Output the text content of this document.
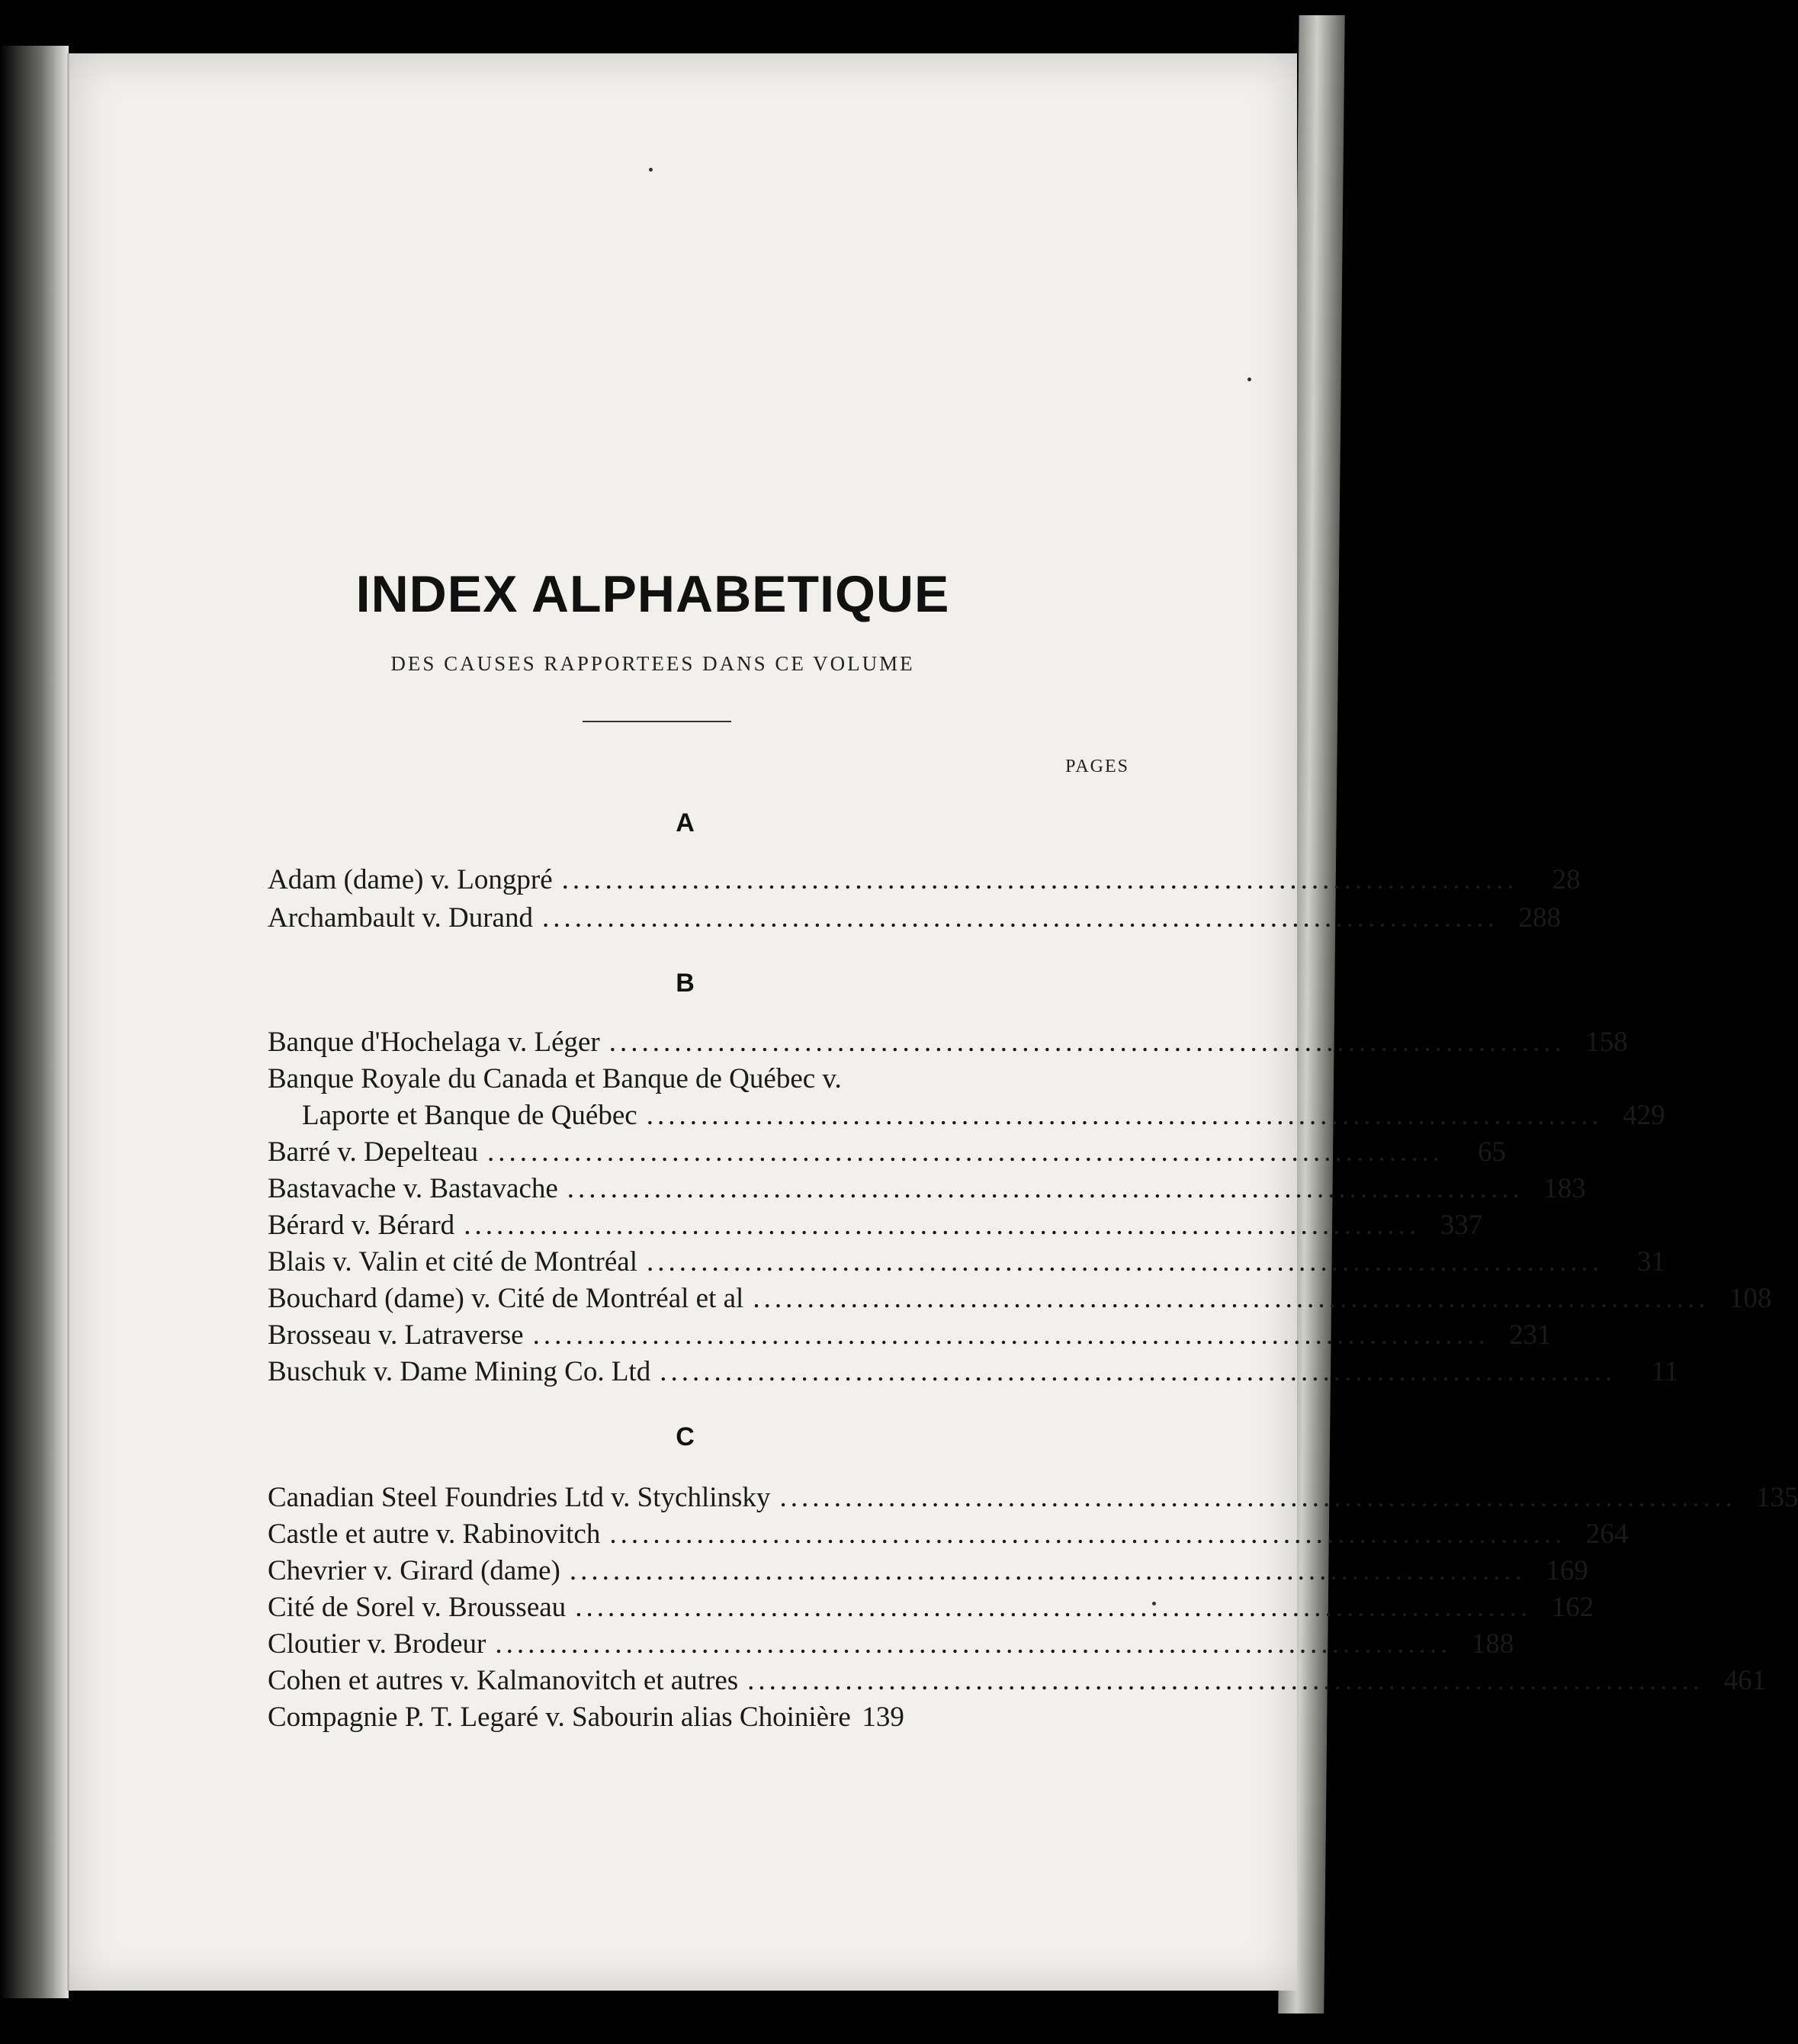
INDEX ALPHABETIQUE
DES CAUSES RAPPORTEES DANS CE VOLUME
PAGES
A
Adam (dame) v. Longpré ........................................................................................	28
Archambault v. Durand ........................................................................................ 288
B
Banque d'Hochelaga v. Léger ........................................................................................ 158
Banque Royale du Canada et Banque de Québec v.
Laporte et Banque de Québec ........................................................................................ 429
Barré v. Depelteau ........................................................................................	65
Bastavache v. Bastavache ........................................................................................ 183
Bérard v. Bérard ........................................................................................ 337
Blais v. Valin et cité de Montréal ........................................................................................	31
Bouchard (dame) v. Cité de Montréal et al ........................................................................................ 108
Brosseau v. Latraverse ........................................................................................ 231
Buschuk v. Dame Mining Co. Ltd ........................................................................................	11
C
Canadian Steel Foundries Ltd v. Stychlinsky ........................................................................................ 135
Castle et autre v. Rabinovitch ........................................................................................ 264
Chevrier v. Girard (dame) ........................................................................................ 169
Cité de Sorel v. Brousseau ........................................................................................ 162
Cloutier v. Brodeur ........................................................................................ 188
Cohen et autres v. Kalmanovitch et autres ........................................................................................ 461
Compagnie P. T. Legaré v. Sabourin alias Choinière 139
